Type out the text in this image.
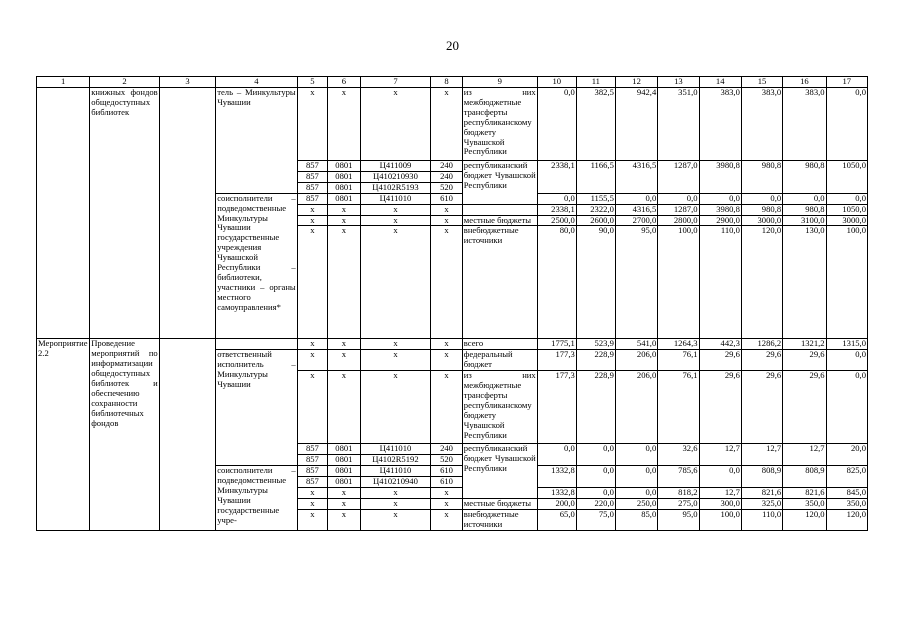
20
1	2	3	4	5	6	7	8	9	10	11	12	13	14	15	16	17
	книжных фондов общедоступных библиотек		тель – Минкультуры Чувашии	x	x	x	x	из них межбюджетные трансферты республиканскому бюджету Чувашской Республики	0,0	382,5	942,4	351,0	383,0	383,0	383,0	0,0
				857	0801	Ц411009	240	республиканский бюджет Чувашской Республики	2338,1	1166,5	4316,5	1287,0	3980,8	980,8	980,8	1050,0
				857	0801	Ц410210930	240									
				857	0801	Ц4102R5193	520									
			соисполнители – подведомственные Минкультуры Чувашии государственные учреждения Чувашской Республики – библиотеки, участники – органы местного самоуправления*	857	0801	Ц411010	610		0,0	1155,5	0,0	0,0	0,0	0,0	0,0	0,0
				x	x	x	x		2338,1	2322,0	4316,5	1287,0	3980,8	980,8	980,8	1050,0
				x	x	x	x	местные бюджеты	2500,0	2600,0	2700,0	2800,0	2900,0	3000,0	3100,0	3000,0
				x	x	x	x	внебюджетные источники	80,0	90,0	95,0	100,0	110,0	120,0	130,0	100,0
Мероприятие 2.2	Проведение мероприятий по информатизации общедоступных библиотек и обеспечению сохранности библиотечных фондов			x	x	x	x	всего	1775,1	523,9	541,0	1264,3	442,3	1286,2	1321,2	1315,0
			ответственный исполнитель – Минкультуры Чувашии	x	x	x	x	федеральный бюджет	177,3	228,9	206,0	76,1	29,6	29,6	29,6	0,0
				x	x	x	x	из них межбюджетные трансферты республиканскому бюджету Чувашской Республики	177,3	228,9	206,0	76,1	29,6	29,6	29,6	0,0
				857	0801	Ц411010	240	республиканский бюджет Чувашской Республики	0,0	0,0	0,0	32,6	12,7	12,7	12,7	20,0
				857	0801	Ц4102R5192	520									
			соисполнители – подведомственные Минкультуры Чувашии государственные учре-	857	0801	Ц411010	610		1332,8	0,0	0,0	785,6	0,0	808,9	808,9	825,0
				857	0801	Ц410210940	610									
				x	x	x	x		1332,8	0,0	0,0	818,2	12,7	821,6	821,6	845,0
				x	x	x	x	местные бюджеты	200,0	220,0	250,0	275,0	300,0	325,0	350,0	350,0
				x	x	x	x	внебюджетные источники	65,0	75,0	85,0	95,0	100,0	110,0	120,0	120,0
